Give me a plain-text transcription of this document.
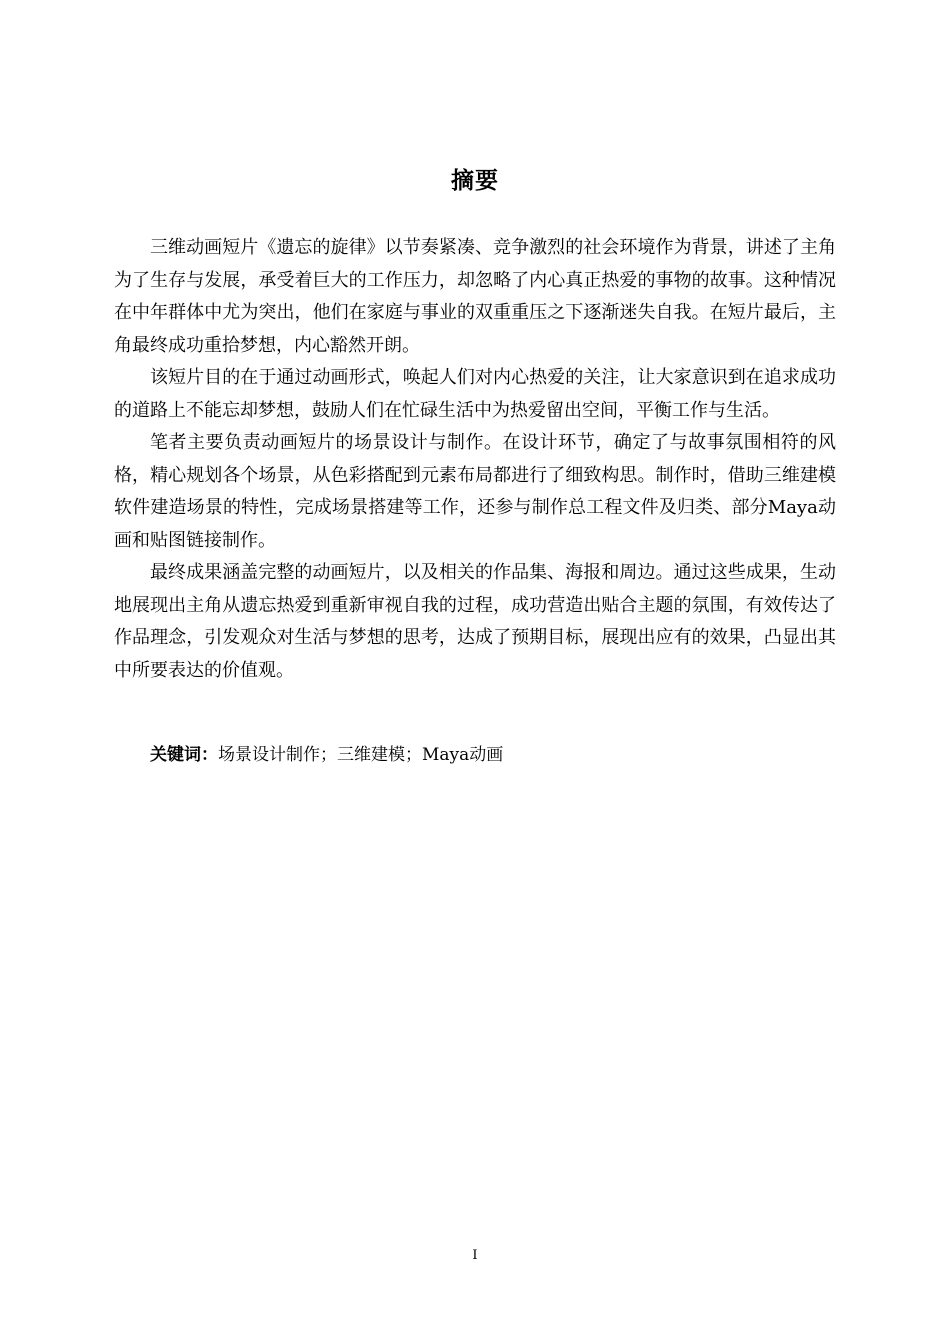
摘要

三维动画短片《遗忘的旋律》以节奏紧凑、竞争激烈的社会环境作为背景，讲述了主角为了生存与发展，承受着巨大的工作压力，却忽略了内心真正热爱的事物的故事。这种情况在中年群体中尤为突出，他们在家庭与事业的双重重压之下逐渐迷失自我。在短片最后，主角最终成功重拾梦想，内心豁然开朗。

该短片目的在于通过动画形式，唤起人们对内心热爱的关注，让大家意识到在追求成功的道路上不能忘却梦想，鼓励人们在忙碌生活中为热爱留出空间，平衡工作与生活。

笔者主要负责动画短片的场景设计与制作。在设计环节，确定了与故事氛围相符的风格，精心规划各个场景，从色彩搭配到元素布局都进行了细致构思。制作时，借助三维建模软件建造场景的特性，完成场景搭建等工作，还参与制作总工程文件及归类、部分Maya动画和贴图链接制作。

最终成果涵盖完整的动画短片，以及相关的作品集、海报和周边。通过这些成果，生动地展现出主角从遗忘热爱到重新审视自我的过程，成功营造出贴合主题的氛围，有效传达了作品理念，引发观众对生活与梦想的思考，达成了预期目标，展现出应有的效果，凸显出其中所要表达的价值观。

关键词：场景设计制作；三维建模；Maya动画
I
